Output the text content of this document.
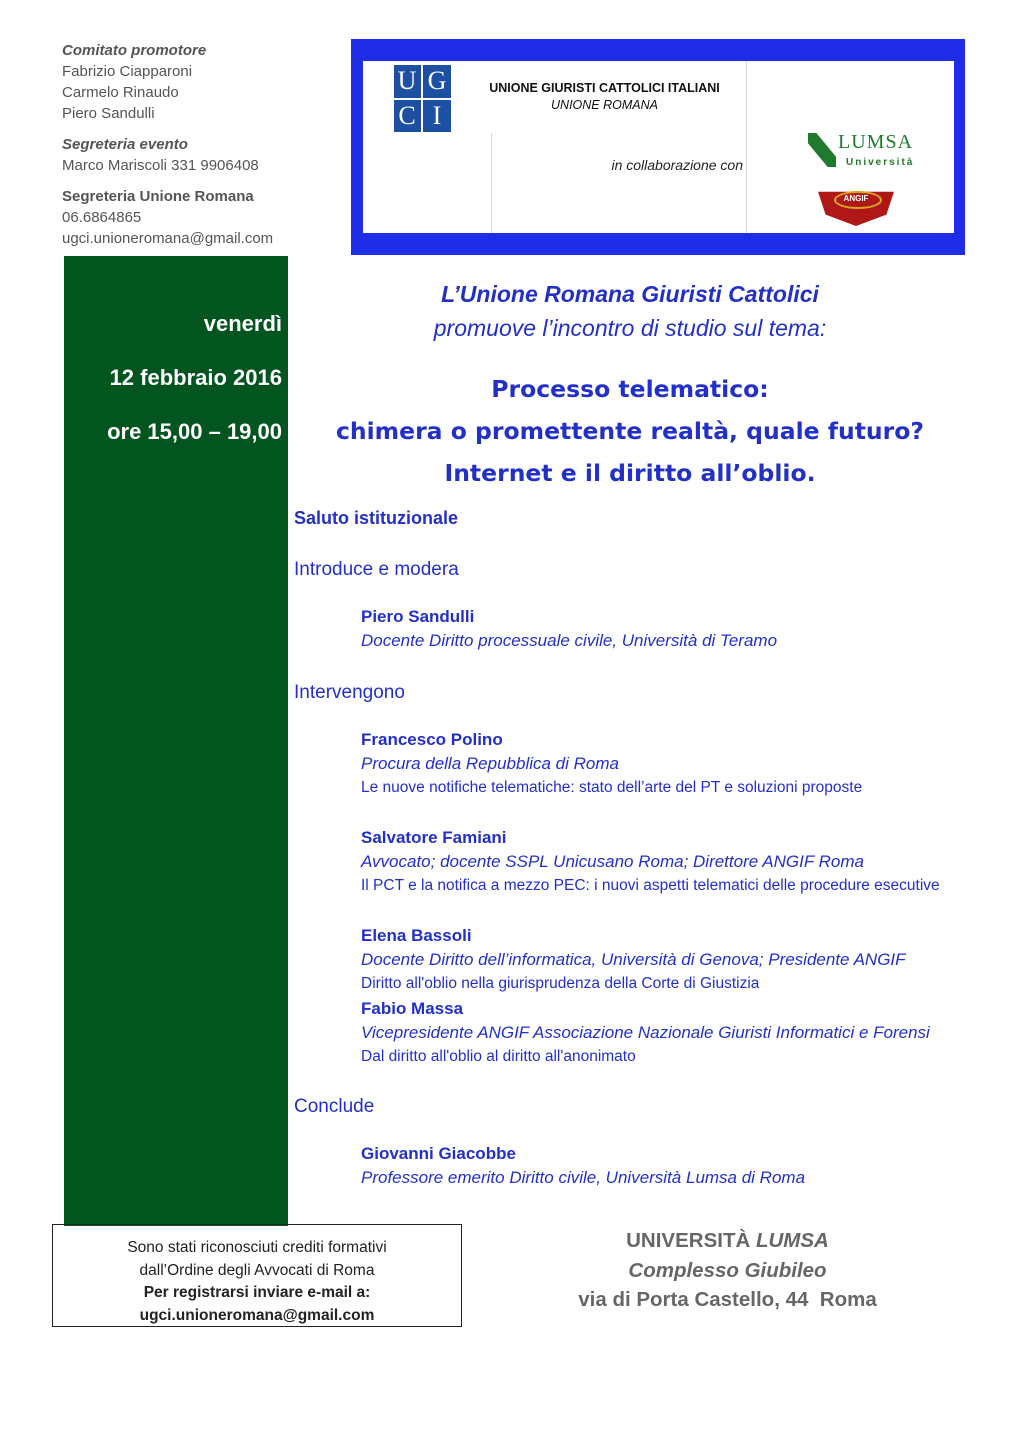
Comitato promotore
Fabrizio Ciapparoni
Carmelo Rinaudo
Piero Sandulli
Segreteria evento
Marco Mariscoli 331 9906408
Segreteria Unione Romana
06.6864865
ugci.unioneromana@gmail.com
U G
C I
UNIONE GIURISTI CATTOLICI ITALIANI
UNIONE ROMANA
in collaborazione con
LUMSA
Università
ANGIF
venerdì
12 febbraio 2016
ore 15,00 – 19,00
L’Unione Romana Giuristi Cattolici
promuove l’incontro di studio sul tema:
Processo telematico:
chimera o promettente realtà, quale futuro?
Internet e il diritto all’oblio.
Saluto istituzionale
Introduce e modera
Piero Sandulli
Docente Diritto processuale civile, Università di Teramo
Intervengono
Francesco Polino
Procura della Repubblica di Roma
Le nuove notifiche telematiche: stato dell’arte del PT e soluzioni proposte
Salvatore Famiani
Avvocato; docente SSPL Unicusano Roma; Direttore ANGIF Roma
Il PCT e la notifica a mezzo PEC: i nuovi aspetti telematici delle procedure esecutive
Elena Bassoli
Docente Diritto dell’informatica, Università di Genova; Presidente ANGIF
Diritto all'oblio nella giurisprudenza della Corte di Giustizia
Fabio Massa
Vicepresidente ANGIF Associazione Nazionale Giuristi Informatici e Forensi
Dal diritto all'oblio al diritto all'anonimato
Conclude
Giovanni Giacobbe
Professore emerito Diritto civile, Università Lumsa di Roma
Sono stati riconosciuti crediti formativi
dall’Ordine degli Avvocati di Roma
Per registrarsi inviare e-mail a:
ugci.unioneromana@gmail.com
UNIVERSITÀ LUMSA
Complesso Giubileo
via di Porta Castello, 44  Roma
